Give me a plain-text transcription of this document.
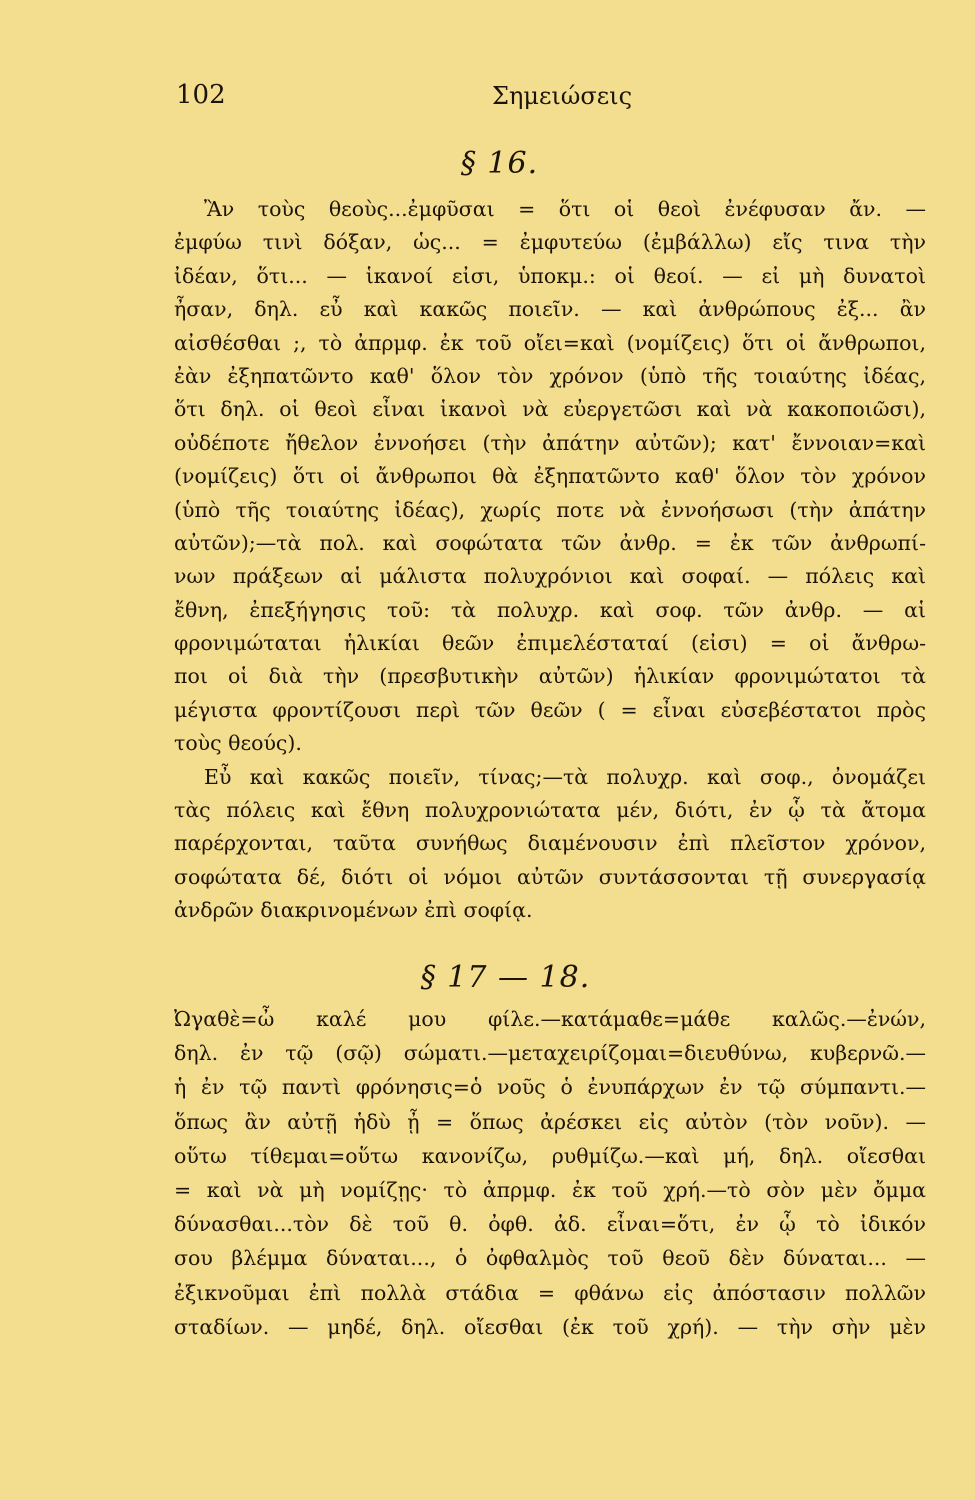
102	Σημειώσεις
§ 16.
Ἂν τοὺς θεοὺς...ἐμφῦσαι = ὅτι οἱ θεοὶ ἐνέφυσαν ἄν. —
ἐμφύω τινὶ δόξαν, ὡς... = ἐμφυτεύω (ἐμβάλλω) εἴς τινα τὴν
ἰδέαν, ὅτι... — ἱκανοί εἰσι, ὑποκμ.: οἱ θεοί. — εἰ μὴ δυνατοὶ
ἦσαν, δηλ. εὖ καὶ κακῶς ποιεῖν. — καὶ ἀνθρώπους ἐξ... ἂν
αἰσθέσθαι ;, τὸ ἀπρμφ. ἐκ τοῦ οἴει=καὶ (νομίζεις) ὅτι οἱ ἄνθρωποι,
ἐὰν ἐξηπατῶντο καθ' ὅλον τὸν χρόνον (ὑπὸ τῆς τοιαύτης ἰδέας,
ὅτι δηλ. οἱ θεοὶ εἶναι ἱκανοὶ νὰ εὐεργετῶσι καὶ νὰ κακοποιῶσι),
οὐδέποτε ἤθελον ἐννοήσει (τὴν ἀπάτην αὐτῶν); κατ' ἔννοιαν=καὶ
(νομίζεις) ὅτι οἱ ἄνθρωποι θὰ ἐξηπατῶντο καθ' ὅλον τὸν χρόνον
(ὑπὸ τῆς τοιαύτης ἰδέας), χωρίς ποτε νὰ ἐννοήσωσι (τὴν ἀπάτην
αὐτῶν);—τὰ πολ. καὶ σοφώτατα τῶν ἀνθρ. = ἐκ τῶν ἀνθρωπί-
νων πράξεων αἱ μάλιστα πολυχρόνιοι καὶ σοφαί. — πόλεις καὶ
ἔθνη, ἐπεξήγησις τοῦ: τὰ πολυχρ. καὶ σοφ. τῶν ἀνθρ. — αἱ
φρονιμώταται ἡλικίαι θεῶν ἐπιμελέσταταί (εἰσι) = οἱ ἄνθρω-
ποι οἱ διὰ τὴν (πρεσβυτικὴν αὐτῶν) ἡλικίαν φρονιμώτατοι τὰ
μέγιστα φροντίζουσι περὶ τῶν θεῶν ( = εἶναι εὐσεβέστατοι πρὸς
τοὺς θεούς).
Εὖ καὶ κακῶς ποιεῖν, τίνας;—τὰ πολυχρ. καὶ σοφ., ὀνομάζει
τὰς πόλεις καὶ ἔθνη πολυχρονιώτατα μέν, διότι, ἐν ᾧ τὰ ἄτομα
παρέρχονται, ταῦτα συνήθως διαμένουσιν ἐπὶ πλεῖστον χρόνον,
σοφώτατα δέ, διότι οἱ νόμοι αὐτῶν συντάσσονται τῇ συνεργασίᾳ
ἀνδρῶν διακρινομένων ἐπὶ σοφίᾳ.
§ 17 — 18.
Ὠγαθὲ=ὦ καλέ μου φίλε.—κατάμαθε=μάθε καλῶς.—ἐνών,
δηλ. ἐν τῷ (σῷ) σώματι.—μεταχειρίζομαι=διευθύνω, κυβερνῶ.—
ἡ ἐν τῷ παντὶ φρόνησις=ὁ νοῦς ὁ ἐνυπάρχων ἐν τῷ σύμπαντι.—
ὅπως ἂν αὐτῇ ἡδὺ ᾖ = ὅπως ἀρέσκει εἰς αὐτὸν (τὸν νοῦν). —
οὕτω τίθεμαι=οὕτω κανονίζω, ρυθμίζω.—καὶ μή, δηλ. οἴεσθαι
= καὶ νὰ μὴ νομίζῃς· τὸ ἀπρμφ. ἐκ τοῦ χρή.—τὸ σὸν μὲν ὄμμα
δύνασθαι...τὸν δὲ τοῦ θ. ὀφθ. ἀδ. εἶναι=ὅτι, ἐν ᾧ τὸ ἰδικόν
σου βλέμμα δύναται..., ὁ ὀφθαλμὸς τοῦ θεοῦ δὲν δύναται... —
ἐξικνοῦμαι ἐπὶ πολλὰ στάδια = φθάνω εἰς ἀπόστασιν πολλῶν
σταδίων. — μηδέ, δηλ. οἴεσθαι (ἐκ τοῦ χρή). — τὴν σὴν μὲν
